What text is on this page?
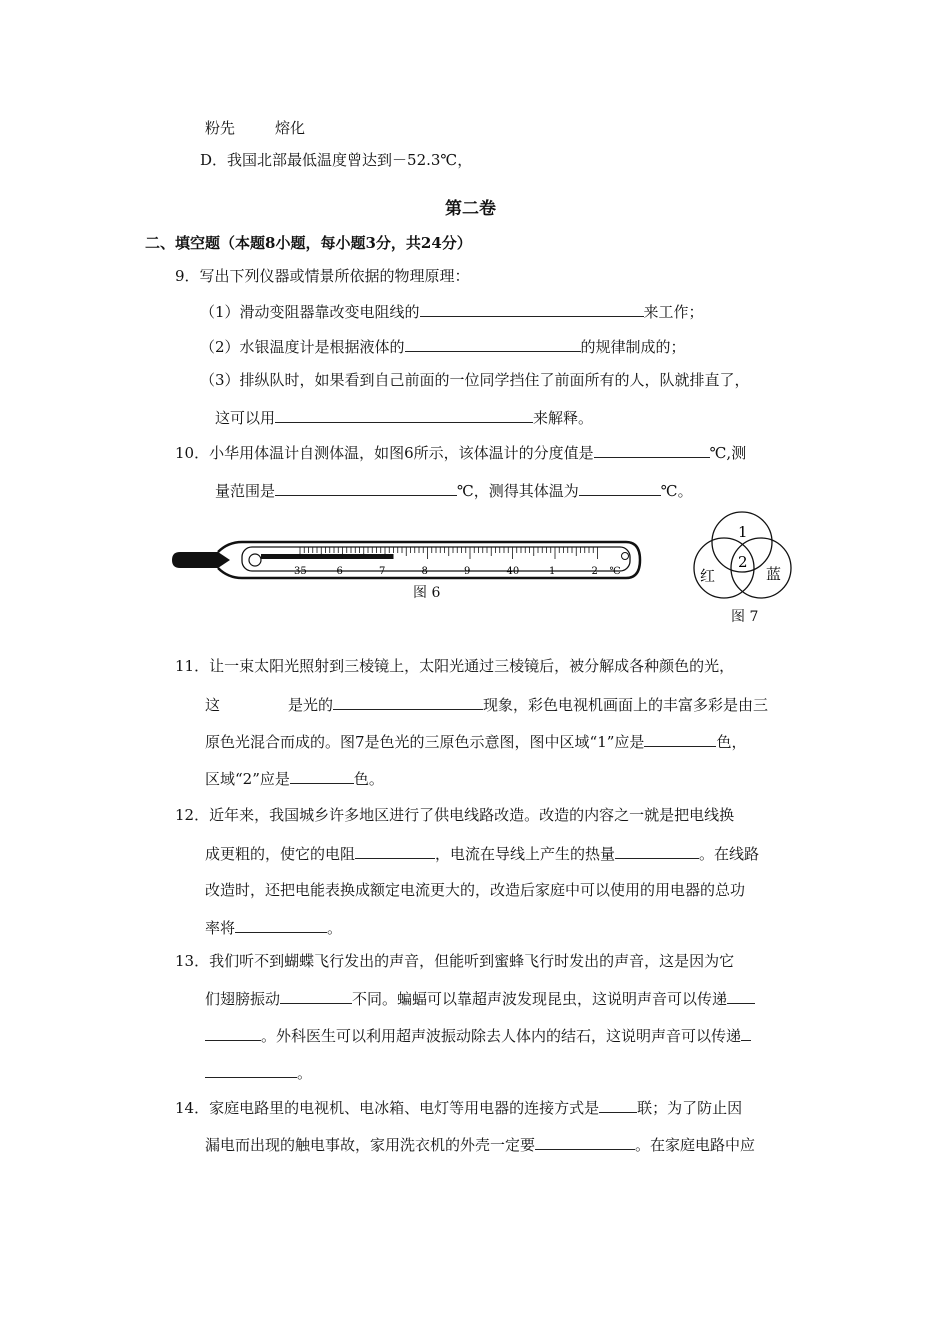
粉先	熔化
D．我国北部最低温度曾达到－52.3℃，
第二卷
二、填空题（本题8小题，每小题3分，共24分）
9．写出下列仪器或情景所依据的物理原理：
（1）滑动变阻器靠改变电阻线的	来工作；
（2）水银温度计是根据液体的	的规律制成的；
（3）排纵队时，如果看到自己前面的一位同学挡住了前面所有的人，队就排直了，
这可以用	来解释。
10．小华用体温计自测体温，如图6所示，该体温计的分度值是	℃,测
量范围是	℃，测得其体温为	℃。
35	6	7	8	9	40	1	2 ℃
图 6
1
2
红	蓝
图 7
11．让一束太阳光照射到三棱镜上，太阳光通过三棱镜后，被分解成各种颜色的光，
这	是光的	现象，彩色电视机画面上的丰富多彩是由三
原色光混合而成的。图7是色光的三原色示意图，图中区域“1”应是	色，
区域“2”应是	色。
12．近年来，我国城乡许多地区进行了供电线路改造。改造的内容之一就是把电线换
成更粗的，使它的电阻	，电流在导线上产生的热量	。在线路
改造时，还把电能表换成额定电流更大的，改造后家庭中可以使用的用电器的总功
率将	。
13．我们听不到蝴蝶飞行发出的声音，但能听到蜜蜂飞行时发出的声音，这是因为它
们翅膀振动	不同。蝙蝠可以靠超声波发现昆虫，这说明声音可以传递
。外科医生可以利用超声波振动除去人体内的结石，这说明声音可以传递
。
14．家庭电路里的电视机、电冰箱、电灯等用电器的连接方式是	联；为了防止因
漏电而出现的触电事故，家用洗衣机的外壳一定要	。在家庭电路中应
